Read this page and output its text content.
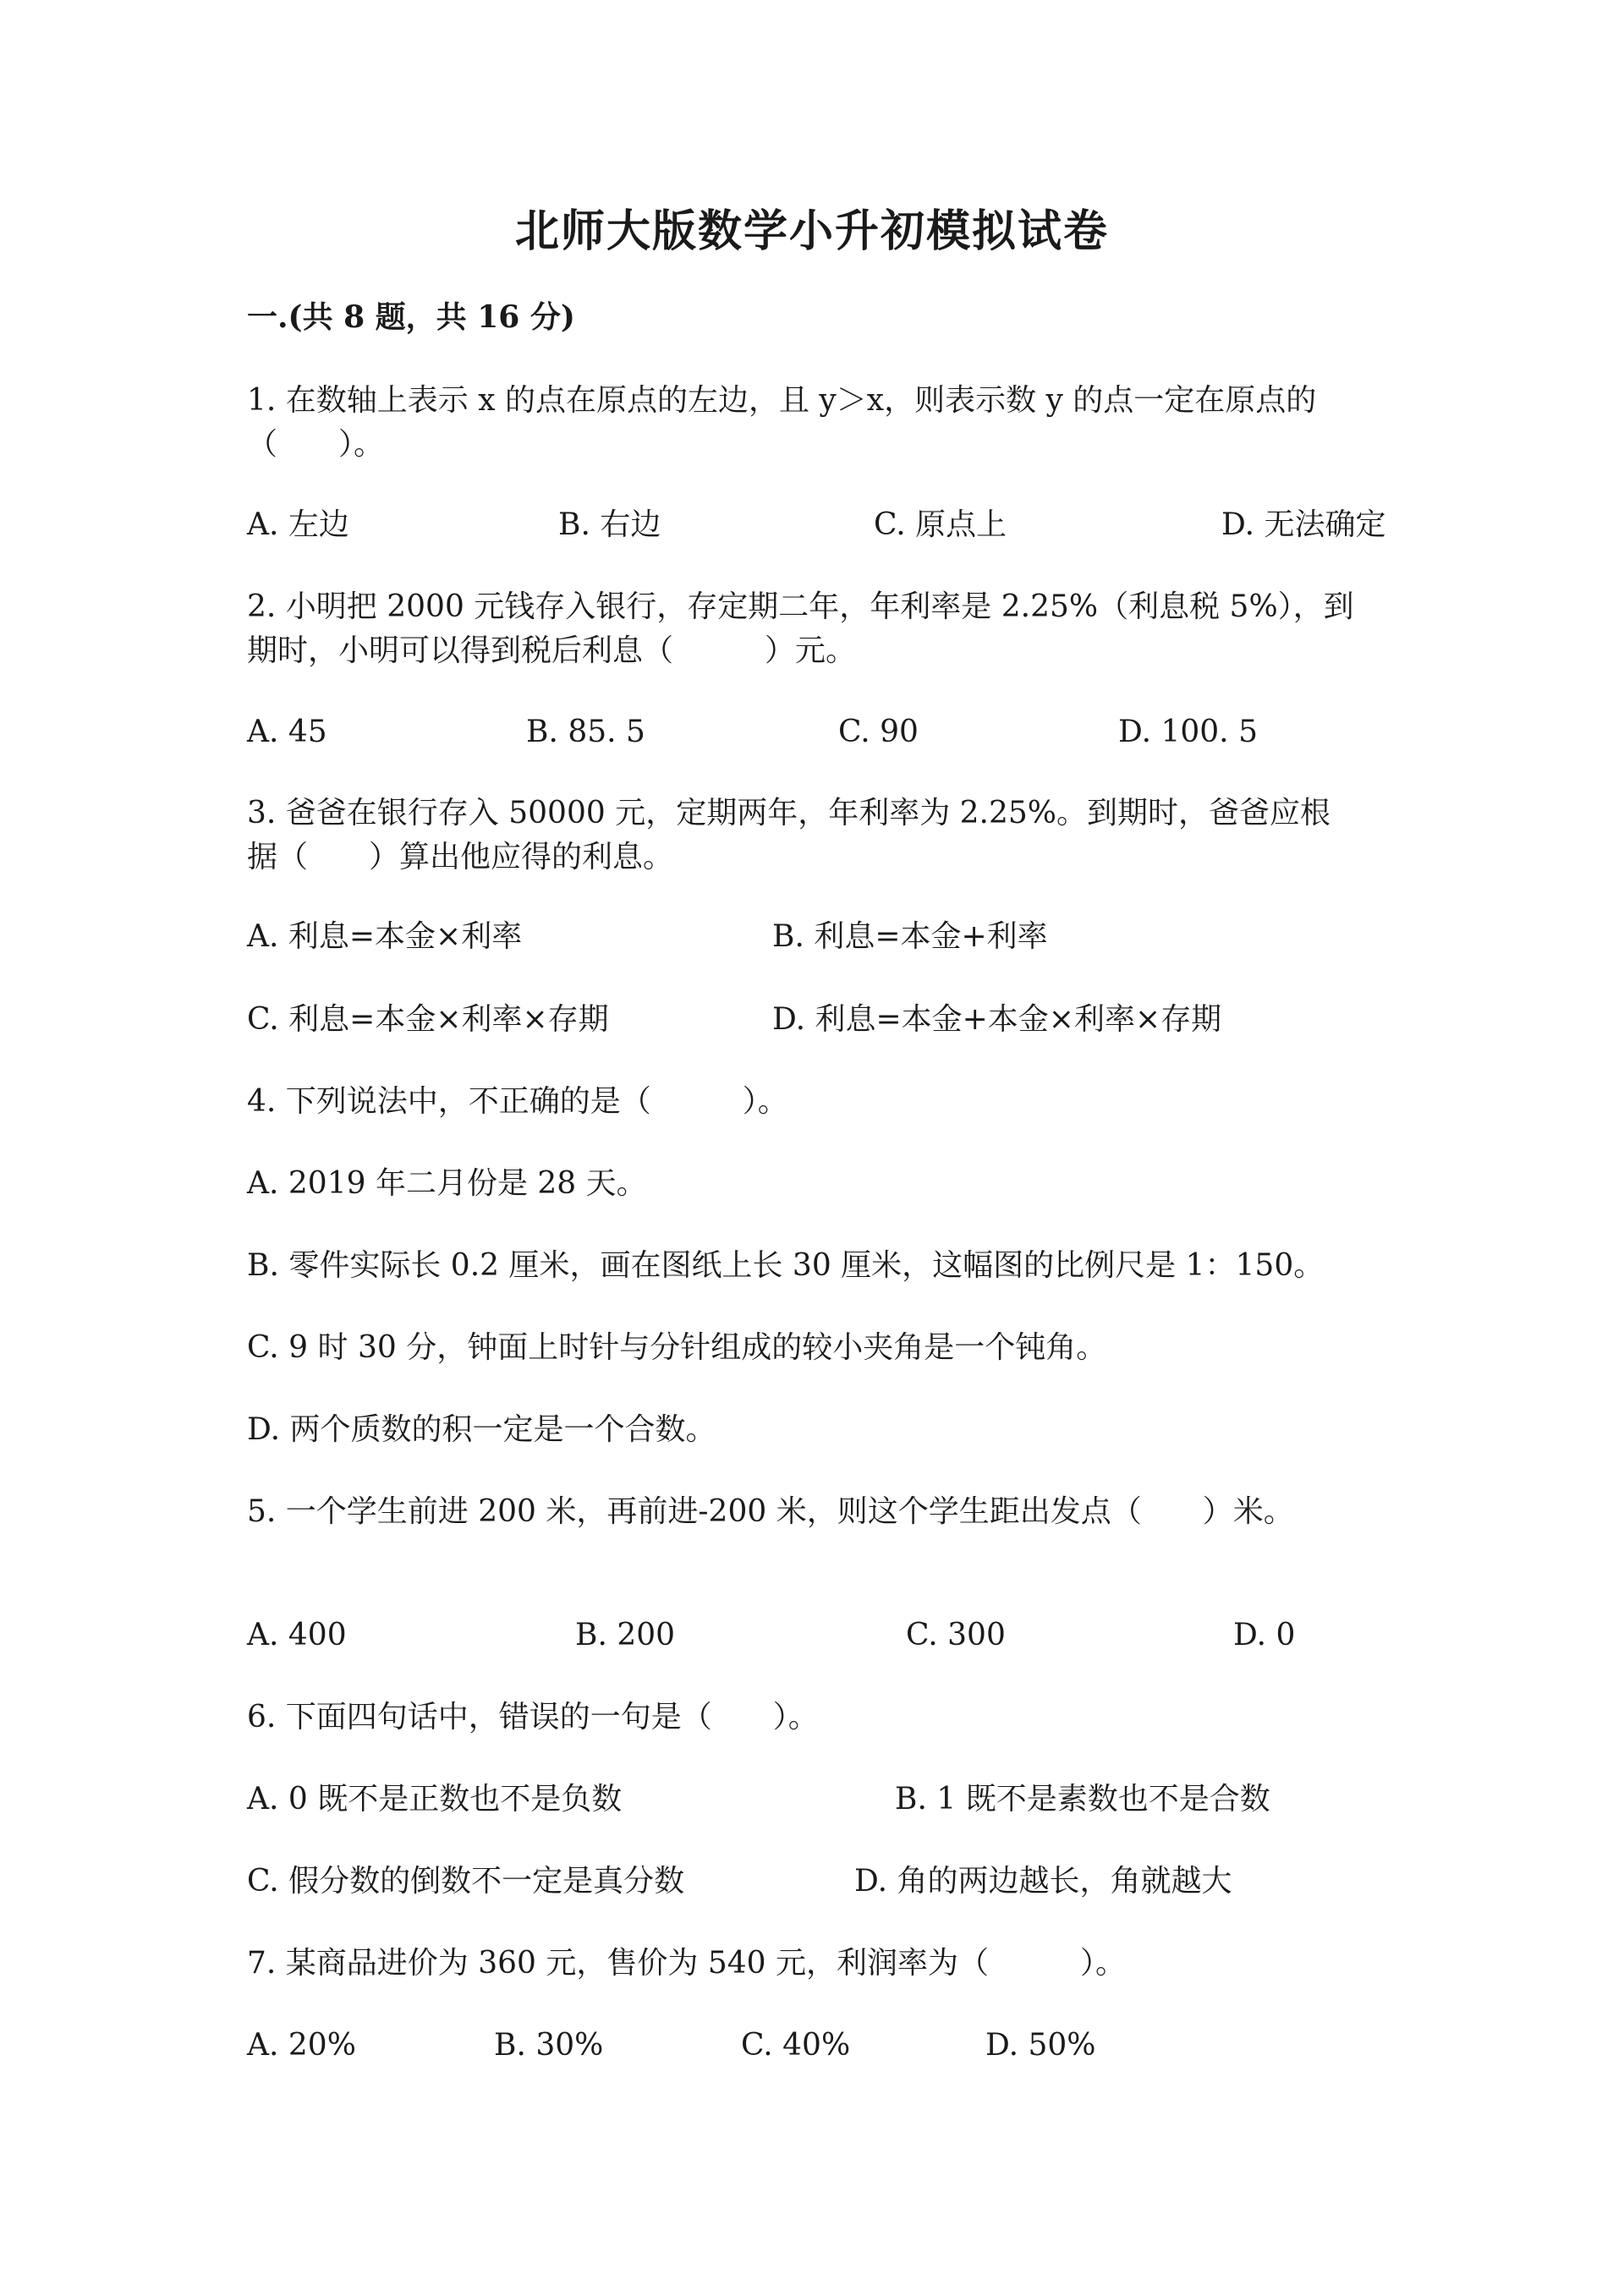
北师大版数学小升初模拟试卷
一.(共 8 题，共 16 分)
1. 在数轴上表示 x 的点在原点的左边，且 y＞x，则表示数 y 的点一定在原点的
（　　）。
A. 左边	B. 右边	C. 原点上	D. 无法确定
2. 小明把 2000 元钱存入银行，存定期二年，年利率是 2.25%（利息税 5%），到
期时，小明可以得到税后利息（　　　）元。
A. 45	B. 85. 5	C. 90	D. 100. 5
3. 爸爸在银行存入 50000 元，定期两年，年利率为 2.25%。到期时，爸爸应根
据（　　）算出他应得的利息。
A. 利息=本金×利率	B. 利息=本金+利率
C. 利息=本金×利率×存期	D. 利息=本金+本金×利率×存期
4. 下列说法中，不正确的是（　　　）。
A. 2019 年二月份是 28 天。
B. 零件实际长 0.2 厘米，画在图纸上长 30 厘米，这幅图的比例尺是 1：150。
C. 9 时 30 分，钟面上时针与分针组成的较小夹角是一个钝角。
D. 两个质数的积一定是一个合数。
5. 一个学生前进 200 米，再前进-200 米，则这个学生距出发点（　　）米。
A. 400	B. 200	C. 300	D. 0
6. 下面四句话中，错误的一句是（　　）。
A. 0 既不是正数也不是负数	B. 1 既不是素数也不是合数
C. 假分数的倒数不一定是真分数	D. 角的两边越长，角就越大
7. 某商品进价为 360 元，售价为 540 元，利润率为（　　　）。
A. 20%	B. 30%	C. 40%	D. 50%
